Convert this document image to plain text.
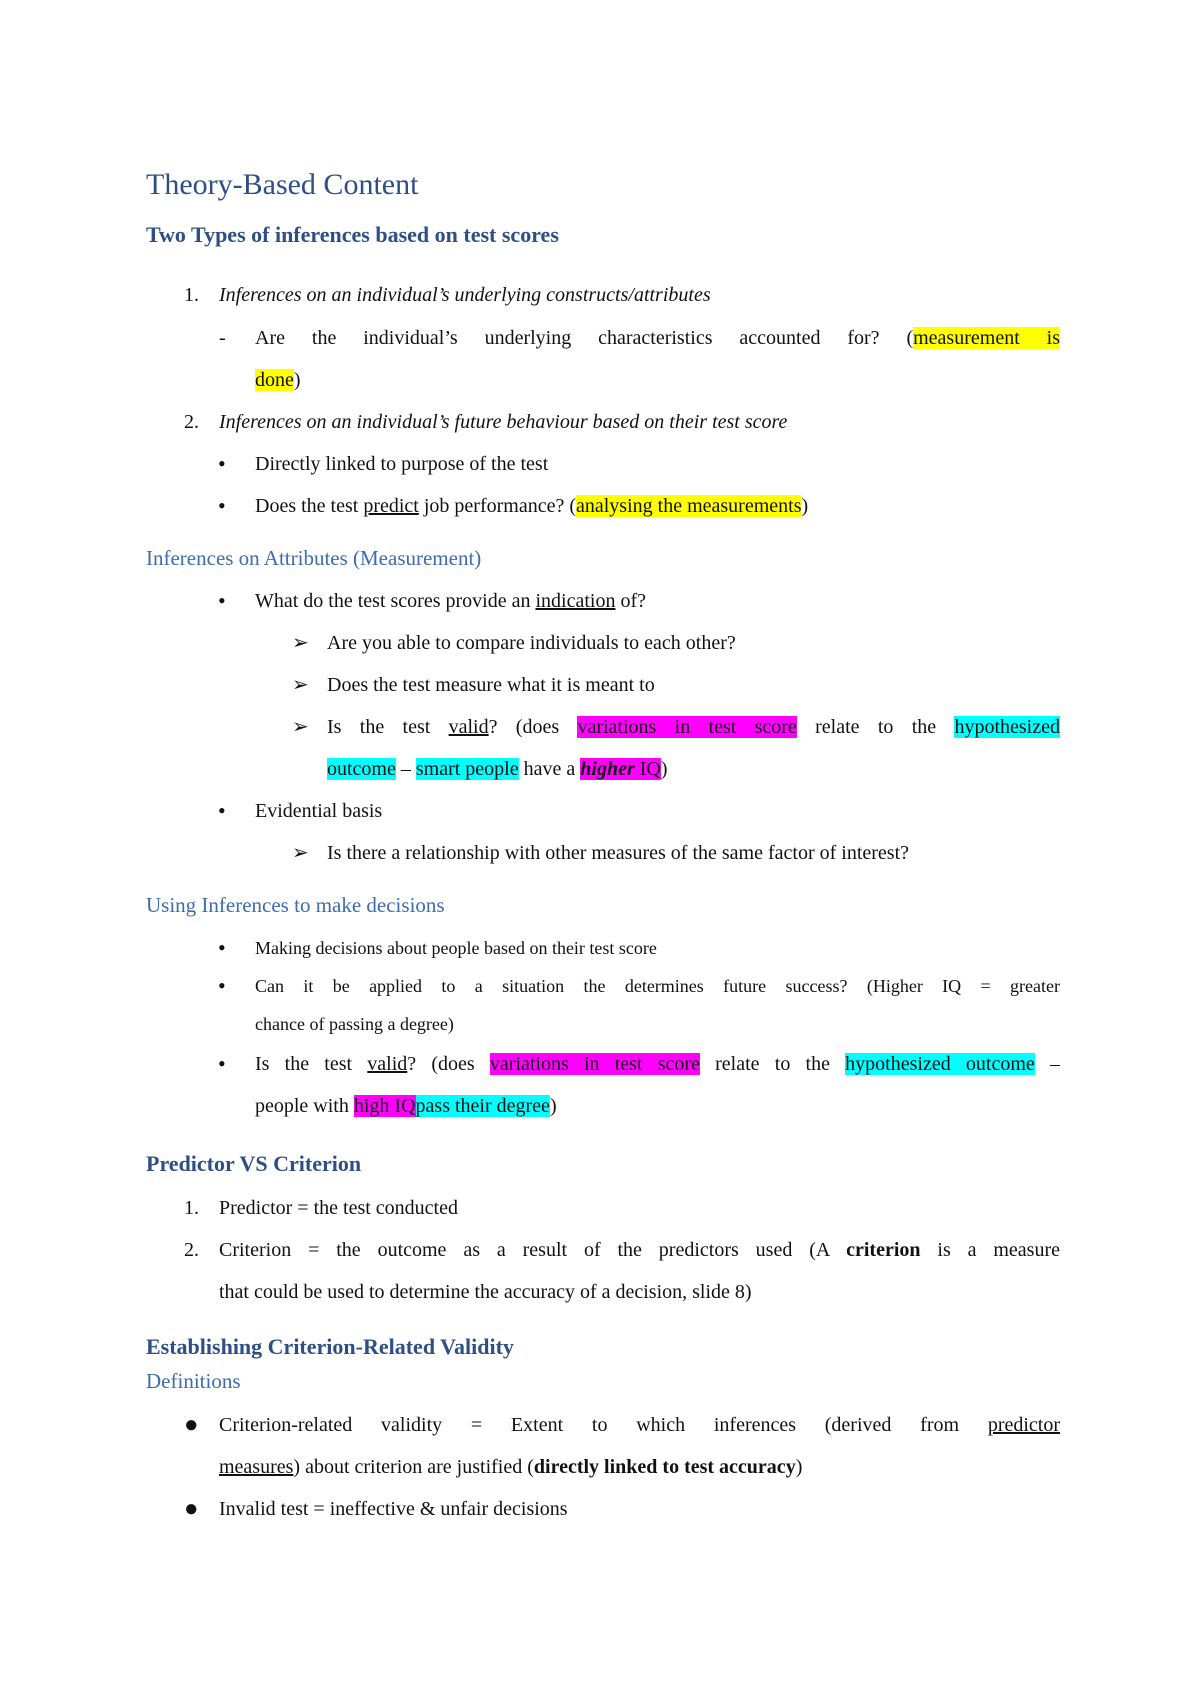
Theory-Based Content
Two Types of inferences based on test scores
1. Inferences on an individual’s underlying constructs/attributes
- Are the individual’s underlying characteristics accounted for? (measurement is
done)
2. Inferences on an individual’s future behaviour based on their test score
• Directly linked to purpose of the test
• Does the test predict job performance? (analysing the measurements)
Inferences on Attributes (Measurement)
• What do the test scores provide an indication of?
➢ Are you able to compare individuals to each other?
➢ Does the test measure what it is meant to
➢ Is the test valid? (does variations in test score relate to the hypothesized
outcome – smart people have a higher IQ)
• Evidential basis
➢ Is there a relationship with other measures of the same factor of interest?
Using Inferences to make decisions
• Making decisions about people based on their test score
• Can it be applied to a situation the determines future success? (Higher IQ = greater
chance of passing a degree)
• Is the test valid? (does variations in test score relate to the hypothesized outcome –
people with high IQpass their degree)
Predictor VS Criterion
1. Predictor = the test conducted
2. Criterion = the outcome as a result of the predictors used (A criterion is a measure
that could be used to determine the accuracy of a decision, slide 8)
Establishing Criterion-Related Validity
Definitions
● Criterion-related validity = Extent to which inferences (derived from predictor
measures) about criterion are justified (directly linked to test accuracy)
● Invalid test = ineffective & unfair decisions
